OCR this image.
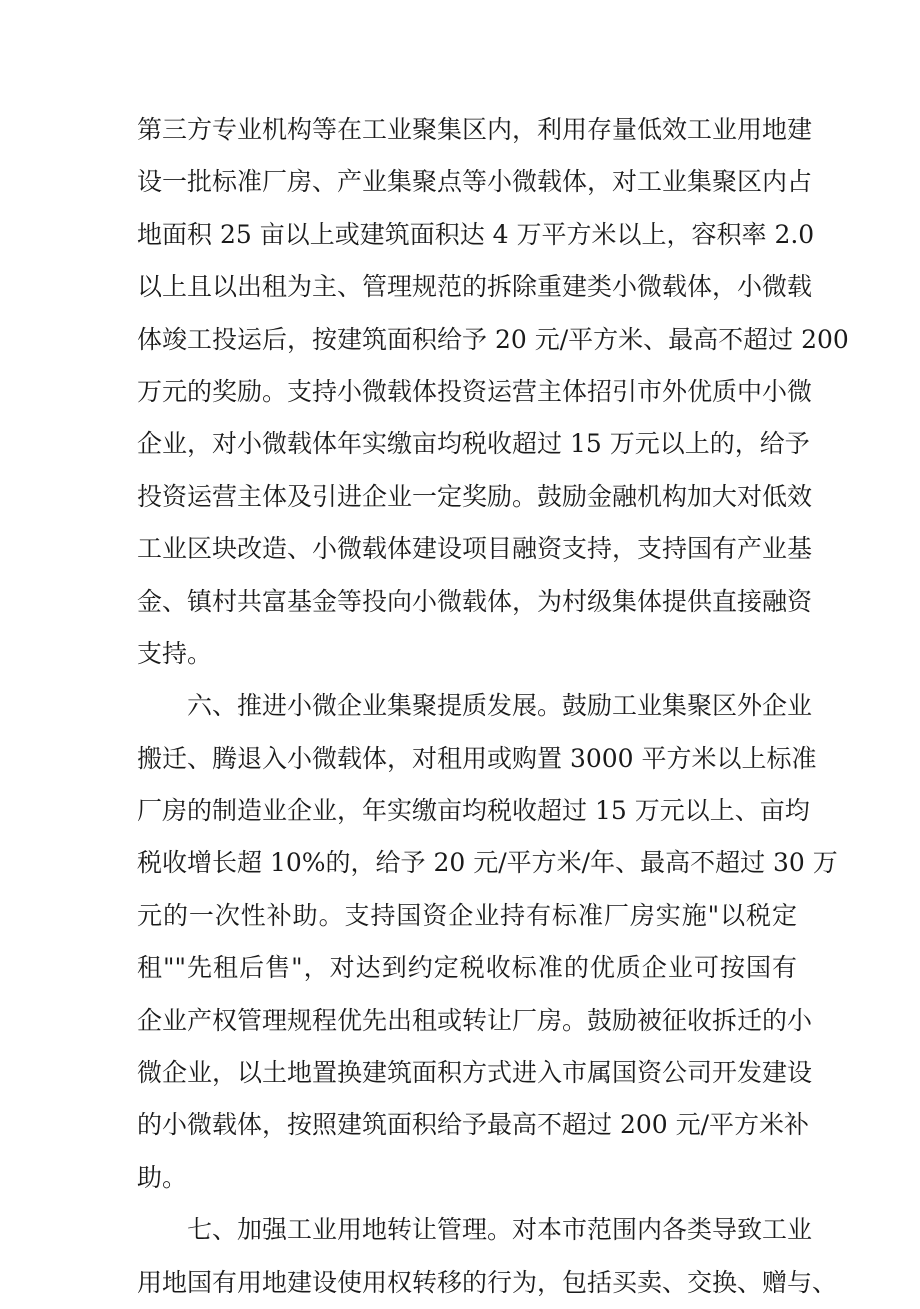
第三方专业机构等在工业聚集区内，利用存量低效工业用地建
设一批标准厂房、产业集聚点等小微载体，对工业集聚区内占
地面积 25 亩以上或建筑面积达 4 万平方米以上，容积率 2.0
以上且以出租为主、管理规范的拆除重建类小微载体，小微载
体竣工投运后，按建筑面积给予 20 元/平方米、最高不超过 200
万元的奖励。支持小微载体投资运营主体招引市外优质中小微
企业，对小微载体年实缴亩均税收超过 15 万元以上的，给予
投资运营主体及引进企业一定奖励。鼓励金融机构加大对低效
工业区块改造、小微载体建设项目融资支持，支持国有产业基
金、镇村共富基金等投向小微载体，为村级集体提供直接融资
支持。
六、推进小微企业集聚提质发展。鼓励工业集聚区外企业
搬迁、腾退入小微载体，对租用或购置 3000 平方米以上标准
厂房的制造业企业，年实缴亩均税收超过 15 万元以上、亩均
税收增长超 10%的，给予 20 元/平方米/年、最高不超过 30 万
元的一次性补助。支持国资企业持有标准厂房实施"以税定
租""先租后售"，对达到约定税收标准的优质企业可按国有
企业产权管理规程优先出租或转让厂房。鼓励被征收拆迁的小
微企业，以土地置换建筑面积方式进入市属国资公司开发建设
的小微载体，按照建筑面积给予最高不超过 200 元/平方米补
助。
七、加强工业用地转让管理。对本市范围内各类导致工业
用地国有用地建设使用权转移的行为，包括买卖、交换、赠与、
